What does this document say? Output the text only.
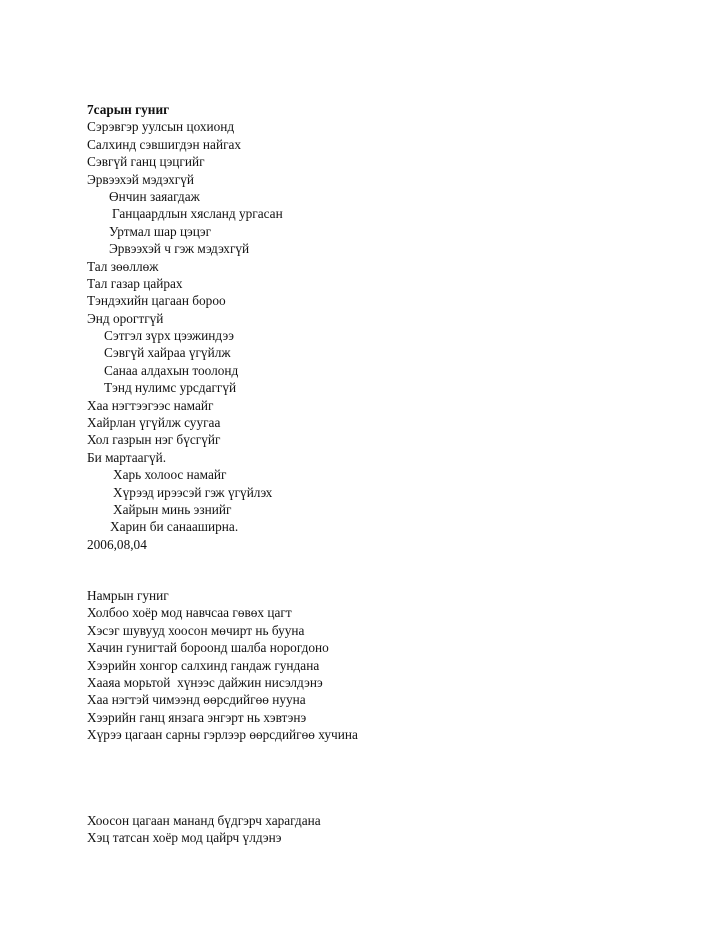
7сарын гуниг
Сэрэвгэр уулсын цохионд
Салхинд сэвшигдэн найгах
Сэвгүй ганц цэцгийг
Эрвээхэй мэдэхгүй
Өнчин заяагдаж
Ганцаардлын хясланд ургасан
Уртмал шар цэцэг
Эрвээхэй ч гэж мэдэхгүй
Тал зөөллөж
Тал газар цайрах
Тэндэхийн цагаан бороо
Энд орогтгүй
Сэтгэл зүрх цээжиндээ
Сэвгүй хайраа үгүйлж
Санаа алдахын тоолонд
Тэнд нулимс урсдаггүй
Хаа нэгтээгээс намайг
Хайрлан үгүйлж суугаа
Хол газрын нэг бүсгүйг
Би мартаагүй.
Харь холоос намайг
Хүрээд ирээсэй гэж үгүйлэх
Хайрын минь эзнийг
Харин би санааширна.
2006,08,04
Намрын гуниг
Холбоо хоёр мод навчсаа гөвөх цагт
Хэсэг шувууд хоосон мөчирт нь бууна
Хачин гунигтай бороонд шалба норогдоно
Хээрийн хонгор салхинд гандаж гундана
Хааяа морьтой  хүнээс дайжин нисэлдэнэ
Хаа нэгтэй чимээнд өөрсдийгөө нууна
Хээрийн ганц янзага энгэрт нь хэвтэнэ
Хүрээ цагаан сарны гэрлээр өөрсдийгөө хучина
Хоосон цагаан мананд бүдгэрч харагдана
Хэц татсан хоёр мод цайрч үлдэнэ
